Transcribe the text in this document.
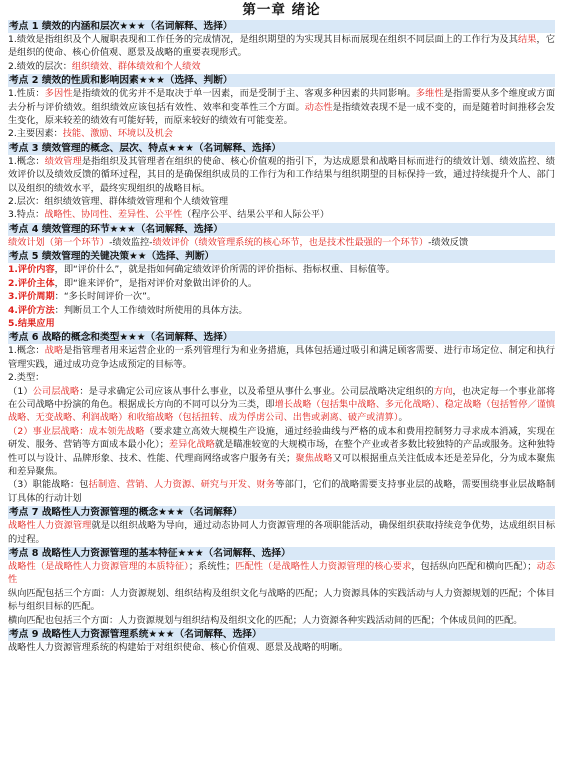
第一章 绪论
考点 1 绩效的内涵和层次★★★（名词解释、选择）

1.绩效是指组织及个人履职表现和工作任务的完成情况，是组织期望的为实现其目标而展现在组织不同层面上的工作行为及其结果，它是组织的使命、核心价值观、愿景及战略的重要表现形式。

2.绩效的层次：组织绩效、群体绩效和个人绩效

考点 2 绩效的性质和影响因素★★★（选择、判断）

1.性质：多因性是指绩效的优劣并不是取决于单一因素，而是受制于主、客观多种因素的共同影响。多维性是指需要从多个维度或方面去分析与评价绩效。组织绩效应该包括有效性、效率和变革性三个方面。动态性是指绩效表现不是一成不变的，而是随着时间推移会发生变化，原来较差的绩效有可能好转，而原来较好的绩效有可能变差。

2.主要因素：技能、激励、环境以及机会

考点 3 绩效管理的概念、层次、特点★★★（名词解释、选择）

1.概念：绩效管理是指组织及其管理者在组织的使命、核心价值观的指引下，为达成愿景和战略目标而进行的绩效计划、绩效监控、绩效评价以及绩效反馈的循环过程，其目的是确保组织成员的工作行为和工作结果与组织期望的目标保持一致，通过持续提升个人、部门以及组织的绩效水平，最终实现组织的战略目标。

2.层次：组织绩效管理、群体绩效管理和个人绩效管理

3.特点：战略性、协同性、差异性、公平性（程序公平、结果公平和人际公平）

考点 4 绩效管理的环节★★★（名词解释、选择）

绩效计划（第一个环节）-绩效监控-绩效评价（绩效管理系统的核心环节，也是技术性最强的一个环节）-绩效反馈

考点 5 绩效管理的关键决策★★（选择、判断）

1.评价内容，即“评价什么”，就是指如何确定绩效评价所需的评价指标、指标权重、目标值等。

2.评价主体，即“谁来评价”，是指对评价对象做出评价的人。

3.评价周期：“多长时间评价一次”。

4.评价方法：判断员工个人工作绩效时所使用的具体方法。

5.结果应用

考点 6 战略的概念和类型★★★（名词解释、选择）

1.概念：战略是指管理者用来运营企业的一系列管理行为和业务措施，具体包括通过吸引和满足顾客需要、进行市场定位、制定和执行管理实践，通过成功竞争达成预定的目标等。

2.类型：

（1）公司层战略：是寻求确定公司应该从事什么事业，以及希望从事什么事业。公司层战略决定组织的方向，也决定每一个事业部将在公司战略中扮演的角色。根据成长方向的不同可以分为三类，即增长战略（包括集中战略、多元化战略）、稳定战略（包括暂停／谨慎战略、无变战略、利润战略）和收缩战略（包括扭转、成为俘虏公司、出售或剥离、破产或清算）。

（2）事业层战略：成本领先战略（要求建立高效大规模生产设施，通过经验曲线与严格的成本和费用控制努力寻求成本消减，实现在研发、服务、营销等方面成本最小化）；差异化战略就是瞄准较宽的大规模市场，在整个产业或者多数比较独特的产品或服务。这种独特性可以与设计、品牌形象、技术、性能、代理商网络或客户服务有关；聚焦战略又可以根据重点关注低成本还是差异化，分为成本聚焦和差异聚焦。

（3）职能战略：包括制造、营销、人力资源、研究与开发、财务等部门，它们的战略需要支持事业层的战略，需要围绕事业层战略制订具体的行动计划

考点 7 战略性人力资源管理的概念★★★（名词解释）

战略性人力资源管理就是以组织战略为导向，通过动态协同人力资源管理的各项职能活动，确保组织获取持续竞争优势，达成组织目标的过程。

考点 8 战略性人力资源管理的基本特征★★★（名词解释、选择）

战略性（是战略性人力资源管理的本质特征）；系统性；匹配性（是战略性人力资源管理的核心要求，包括纵向匹配和横向匹配）；动态性

纵向匹配包括三个方面：人力资源规划、组织结构及组织文化与战略的匹配；人力资源具体的实践活动与人力资源规划的匹配；个体目标与组织目标的匹配。

横向匹配也包括三个方面：人力资源规划与组织结构及组织文化的匹配；人力资源各种实践活动间的匹配；个体成员间的匹配。

考点 9 战略性人力资源管理系统★★★（名词解释、选择）

战略性人力资源管理系统的构建始于对组织使命、核心价值观、愿景及战略的明晰。
